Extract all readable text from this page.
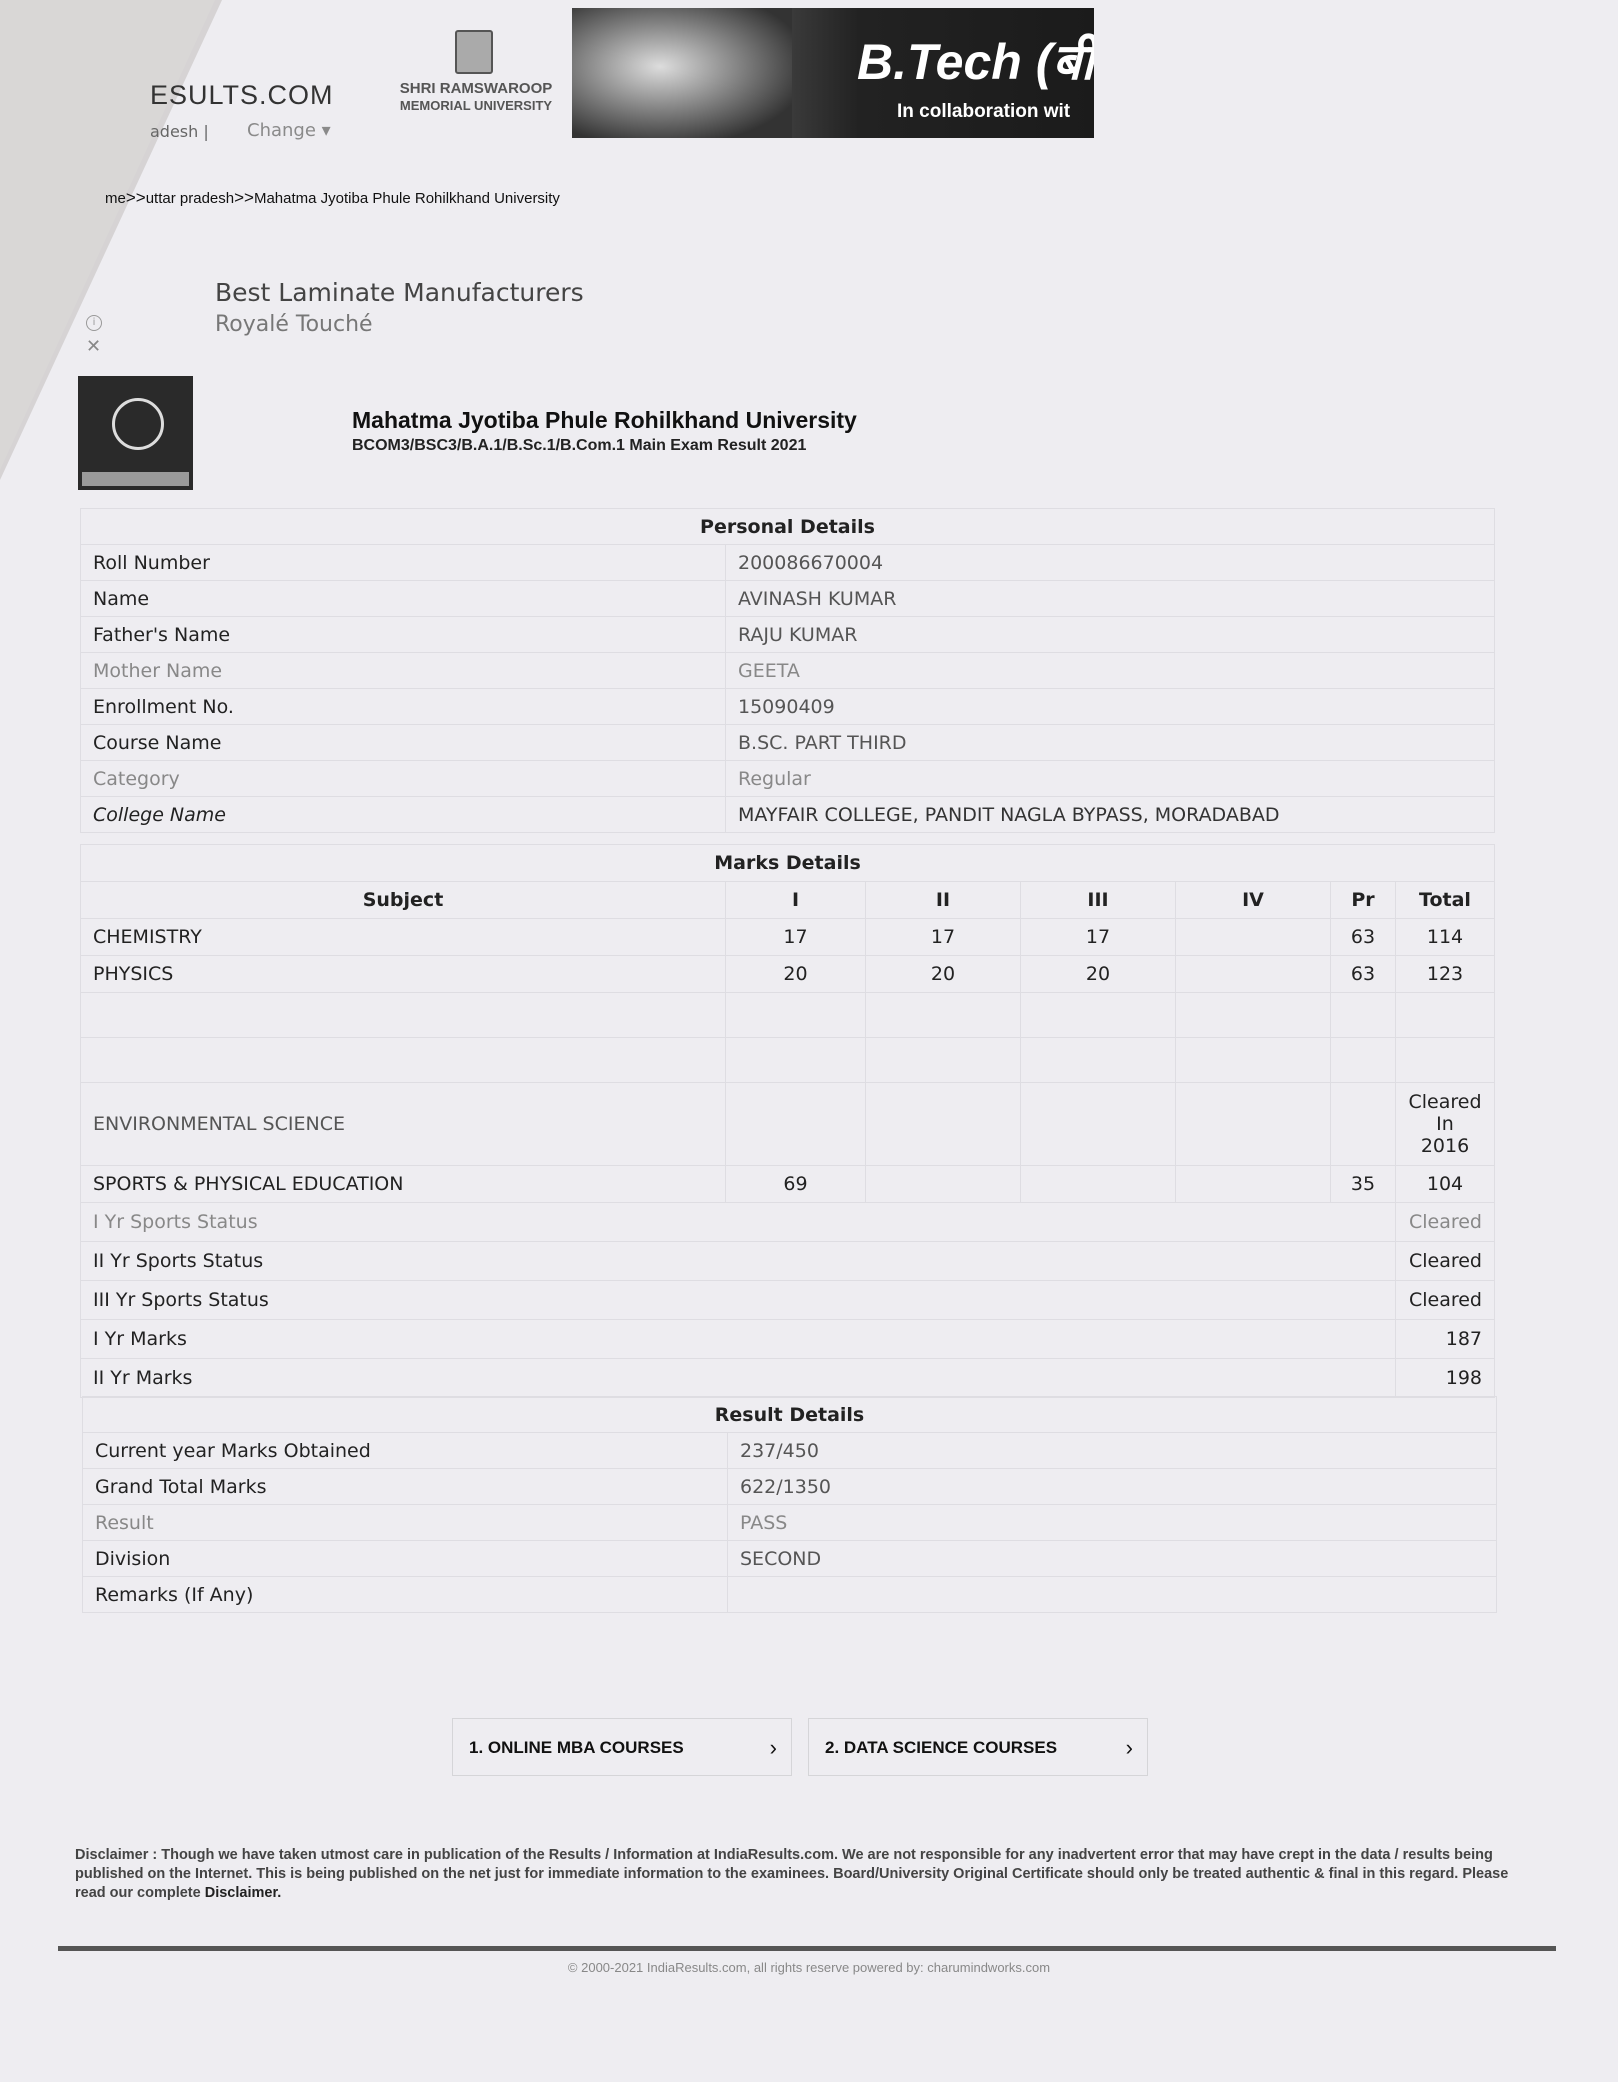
ESULTS.COM
adesh | Change ▾
SHRI RAMSWAROOP
MEMORIAL UNIVERSITY
B.Tech (बी
In collaboration wit
me>>uttar pradesh>>Mahatma Jyotiba Phule Rohilkhand University
Best Laminate Manufacturers
Royalé Touché
i
✕
Mahatma Jyotiba Phule Rohilkhand University
BCOM3/BSC3/B.A.1/B.Sc.1/B.Com.1 Main Exam Result 2021
Personal Details	
Roll Number	200086670004
Name	AVINASH KUMAR
Father's Name	RAJU KUMAR
Mother Name	GEETA
Enrollment No.	15090409
Course Name	B.SC. PART THIRD
Category	Regular
College Name	MAYFAIR COLLEGE, PANDIT NAGLA BYPASS, MORADABAD
Marks Details						
Subject	I	II	III	IV	Pr	Total
CHEMISTRY	17	17	17		63	114
PHYSICS	20	20	20		63	123

ENVIRONMENTAL SCIENCE						Cleared
In
2016
SPORTS & PHYSICAL EDUCATION	69				35	104
I Yr Sports Status						Cleared
II Yr Sports Status						Cleared
III Yr Sports Status						Cleared
I Yr Marks						187
II Yr Marks						198
Result Details	
Current year Marks Obtained	237/450
Grand Total Marks	622/1350
Result	PASS
Division	SECOND
Remarks (If Any)	
1. ONLINE MBA COURSES	›	2. DATA SCIENCE COURSES	›
Disclaimer : Though we have taken utmost care in publication of the Results / Information at IndiaResults.com. We are not responsible for any inadvertent error that may have crept in the data / results being published on the Internet. This is being published on the net just for immediate information to the examinees. Board/University Original Certificate should only be treated authentic & final in this regard. Please read our complete Disclaimer.
© 2000-2021 IndiaResults.com, all rights reserve powered by: charumindworks.com
